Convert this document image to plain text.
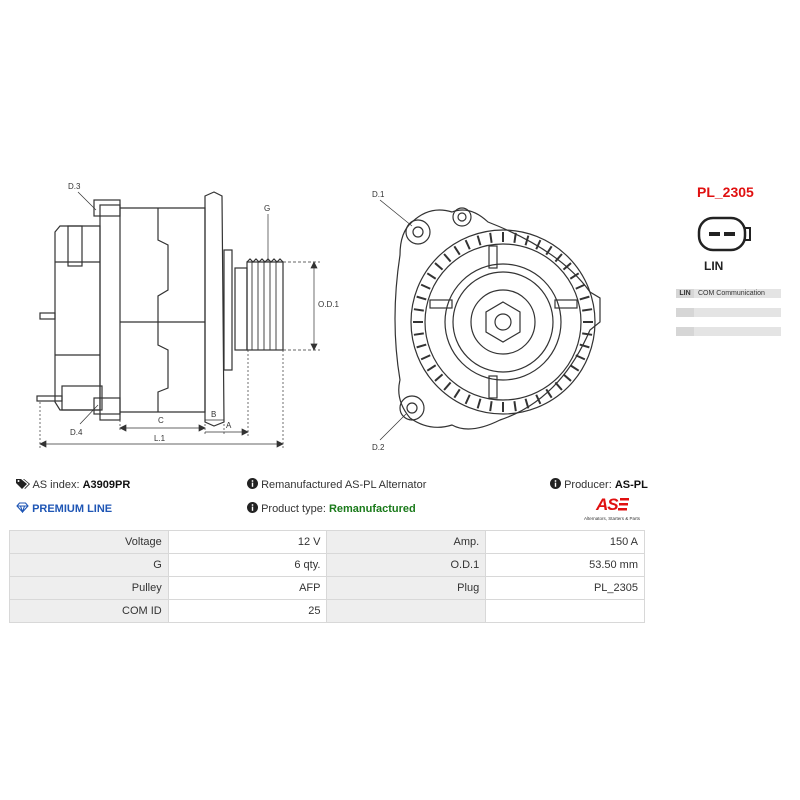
D.3
D.4
G
O.D.1
C
B
A
L.1
D.1
D.2
PL_2305
LIN
LIN	COM Communication
AS index: A3909PR	Remanufactured AS-PL Alternator	Producer: AS-PL
PREMIUM LINE	Product type: Remanufactured	AS
Alternators, Starters & Parts
Voltage	12 V	Amp.	150 A
G	6 qty.	O.D.1	53.50 mm
Pulley	AFP	Plug	PL_2305
COM ID	25		
